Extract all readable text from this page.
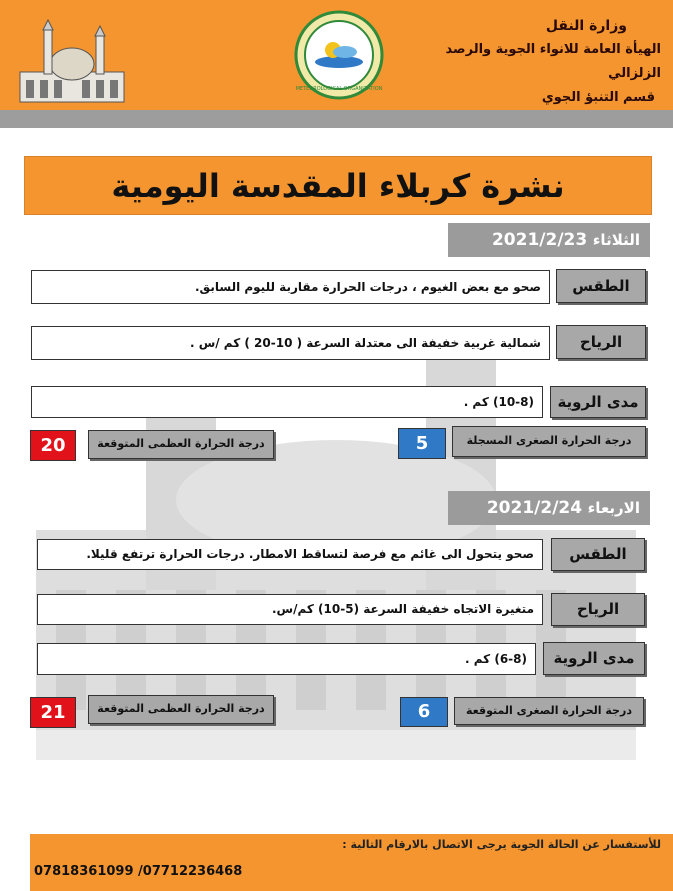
METEOROLOGICAL ORGANIZATION
وزارة النقل
الهيأة العامة للانواء الجوية والرصد الزلزالي
قسم التنبؤ الجوي
نشرة كربلاء المقدسة اليومية
الثلاثاء 2021/2/23
صحو مع بعض الغيوم ، درجات الحرارة مقاربة لليوم السابق.	الطقس
شمالية غربية خفيفة الى معتدلة السرعة ( 10-20 ) كم /س .	الرياح
(10-8) كم .	مدى الروية
درجة الحرارة الصغرى المسجلة
5
درجة الحرارة العظمى المتوقعة
20
الاربعاء 2021/2/24
صحو يتحول الى غائم مع فرصة لتساقط الامطار. درجات الحرارة ترتفع قليلا.	الطقس
متغيرة الاتجاه خفيفة السرعة (5-10) كم/س.	الرياح
(6-8) كم .	مدى الروية
درجة الحرارة الصغرى المتوقعة
6
درجة الحرارة العظمى المتوقعة
21
للأستفسار عن الحالة الجوية يرجى الاتصال بالارقام التالية :
07818361099 /07712236468
